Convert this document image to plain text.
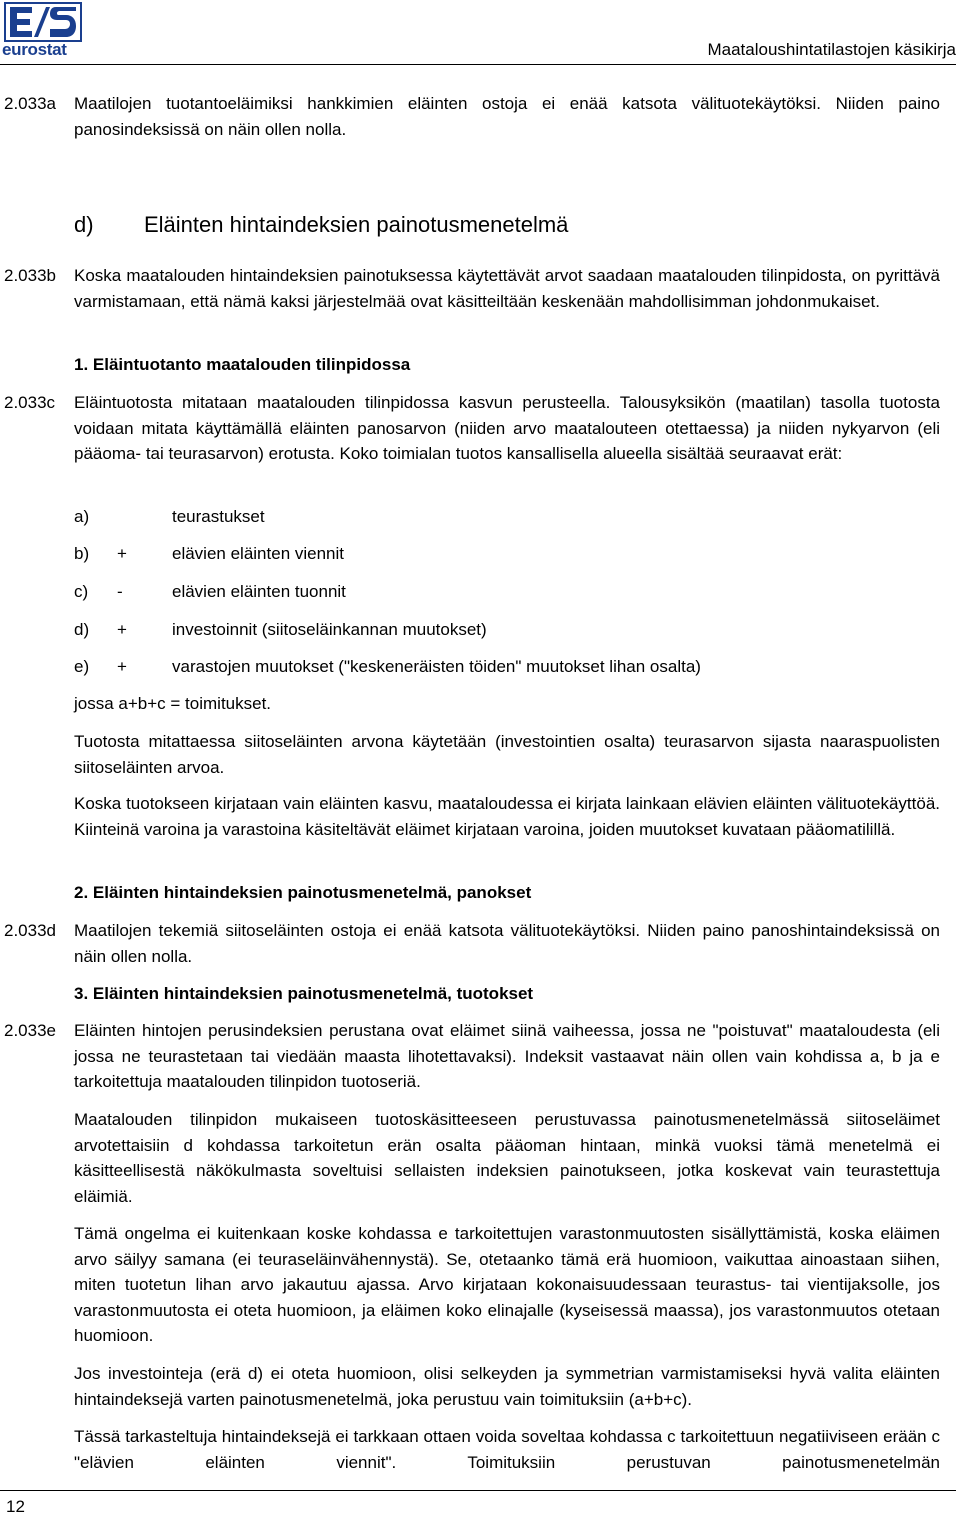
eurostat	Maataloushintatilastojen käsikirja
2.033a Maatilojen tuotantoeläimiksi hankkimien eläinten ostoja ei enää katsota välituotekäytöksi. Niiden paino panosindeksissä on näin ollen nolla.

d) Eläinten hintaindeksien painotusmenetelmä
2.033b Koska maatalouden hintaindeksien painotuksessa käytettävät arvot saadaan maatalouden tilinpidosta, on pyrittävä varmistamaan, että nämä kaksi järjestelmää ovat käsitteiltään keskenään mahdollisimman johdonmukaiset.

1. Eläintuotanto maatalouden tilinpidossa
2.033c Eläintuotosta mitataan maatalouden tilinpidossa kasvun perusteella. Talousyksikön (maatilan) tasolla tuotosta voidaan mitata käyttämällä eläinten panosarvon (niiden arvo maatalouteen otettaessa) ja niiden nykyarvon (eli pääoma- tai teurasarvon) erotusta. Koko toimialan tuotos kansallisella alueella sisältää seuraavat erät:

a)	teurastukset
b) +	elävien eläinten viennit
c) -	elävien eläinten tuonnit
d) +	investoinnit (siitoseläinkannan muutokset)
e) +	varastojen muutokset ("keskeneräisten töiden" muutokset lihan osalta)

jossa a+b+c = toimitukset.

Tuotosta mitattaessa siitoseläinten arvona käytetään (investointien osalta) teurasarvon sijasta naaraspuolisten siitoseläinten arvoa.

Koska tuotokseen kirjataan vain eläinten kasvu, maataloudessa ei kirjata lainkaan elävien eläinten välituotekäyttöä. Kiinteinä varoina ja varastoina käsiteltävät eläimet kirjataan varoina, joiden muutokset kuvataan pääomatilillä.

2. Eläinten hintaindeksien painotusmenetelmä, panokset
2.033d Maatilojen tekemiä siitoseläinten ostoja ei enää katsota välituotekäytöksi. Niiden paino panoshintaindeksissä on näin ollen nolla.

3. Eläinten hintaindeksien painotusmenetelmä, tuotokset
2.033e Eläinten hintojen perusindeksien perustana ovat eläimet siinä vaiheessa, jossa ne "poistuvat" maataloudesta (eli jossa ne teurastetaan tai viedään maasta lihotettavaksi). Indeksit vastaavat näin ollen vain kohdissa a, b ja e tarkoitettuja maatalouden tilinpidon tuotoseriä.

Maatalouden tilinpidon mukaiseen tuotoskäsitteeseen perustuvassa painotusmenetelmässä siitoseläimet arvotettaisiin d kohdassa tarkoitetun erän osalta pääoman hintaan, minkä vuoksi tämä menetelmä ei käsitteellisestä näkökulmasta soveltuisi sellaisten indeksien painotukseen, jotka koskevat vain teurastettuja eläimiä.

Tämä ongelma ei kuitenkaan koske kohdassa e tarkoitettujen varastonmuutosten sisällyttämistä, koska eläimen arvo säilyy samana (ei teuraseläinvähennystä). Se, otetaanko tämä erä huomioon, vaikuttaa ainoastaan siihen, miten tuotetun lihan arvo jakautuu ajassa. Arvo kirjataan kokonaisuudessaan teurastus- tai vientijaksolle, jos varastonmuutosta ei oteta huomioon, ja eläimen koko elinajalle (kyseisessä maassa), jos varastonmuutos otetaan huomioon.

Jos investointeja (erä d) ei oteta huomioon, olisi selkeyden ja symmetrian varmistamiseksi hyvä valita eläinten hintaindeksejä varten painotusmenetelmä, joka perustuu vain toimituksiin (a+b+c).

Tässä tarkasteltuja hintaindeksejä ei tarkkaan ottaen voida soveltaa kohdassa c tarkoitettuun negatiiviseen erään c "elävien eläinten viennit". Toimituksiin perustuvan painotusmenetelmän

12
